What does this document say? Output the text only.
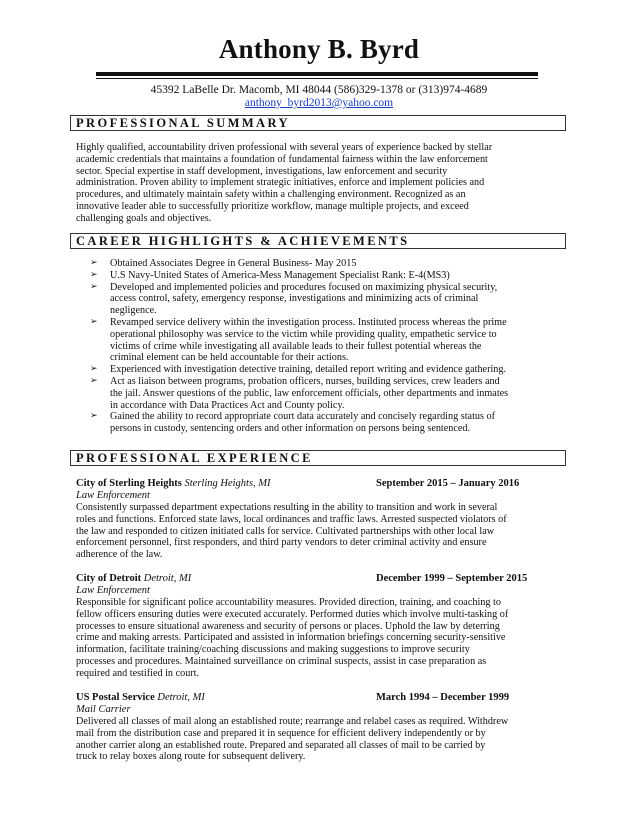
Anthony B. Byrd
45392 LaBelle Dr. Macomb, MI 48044 (586)329-1378 or (313)974-4689
anthony_byrd2013@yahoo.com
PROFESSIONAL SUMMARY
Highly qualified, accountability driven professional with several years of experience backed by stellar
academic credentials that maintains a foundation of fundamental fairness within the law enforcement
sector. Special expertise in staff development, investigations, law enforcement and security
administration. Proven ability to implement strategic initiatives, enforce and implement policies and
procedures, and ultimately maintain safety within a challenging environment. Recognized as an
innovative leader able to successfully prioritize workflow, manage multiple projects, and exceed
challenging goals and objectives.
CAREER HIGHLIGHTS & ACHIEVEMENTS
➢ Obtained Associates Degree in General Business- May 2015
➢ U.S Navy-United States of America-Mess Management Specialist Rank: E-4(MS3)
➢ Developed and implemented policies and procedures focused on maximizing physical security,
access control, safety, emergency response, investigations and minimizing acts of criminal
negligence.
➢ Revamped service delivery within the investigation process. Instituted process whereas the prime
operational philosophy was service to the victim while providing quality, empathetic service to
victims of crime while investigating all available leads to their fullest potential whereas the
criminal element can be held accountable for their actions.
➢ Experienced with investigation detective training, detailed report writing and evidence gathering.
➢ Act as liaison between programs, probation officers, nurses, building services, crew leaders and
the jail. Answer questions of the public, law enforcement officials, other departments and inmates
in accordance with Data Practices Act and County policy.
➢ Gained the ability to record appropriate court data accurately and concisely regarding status of
persons in custody, sentencing orders and other information on persons being sentenced.
PROFESSIONAL EXPERIENCE
City of Sterling Heights Sterling Heights, MI	September 2015 – January 2016
Law Enforcement
Consistently surpassed department expectations resulting in the ability to transition and work in several
roles and functions. Enforced state laws, local ordinances and traffic laws. Arrested suspected violators of
the law and responded to citizen initiated calls for service. Cultivated partnerships with other local law
enforcement personnel, first responders, and third party vendors to deter criminal activity and ensure
adherence of the law.
City of Detroit Detroit, MI	December 1999 – September 2015
Law Enforcement
Responsible for significant police accountability measures. Provided direction, training, and coaching to
fellow officers ensuring duties were executed accurately. Performed duties which involve multi-tasking of
processes to ensure situational awareness and security of persons or places. Uphold the law by deterring
crime and making arrests. Participated and assisted in information briefings concerning security-sensitive
information, facilitate training/coaching discussions and making suggestions to improve security
processes and procedures. Maintained surveillance on criminal suspects, assist in case preparation as
required and testified in court.
US Postal Service Detroit, MI	March 1994 – December 1999
Mail Carrier
Delivered all classes of mail along an established route; rearrange and relabel cases as required. Withdrew
mail from the distribution case and prepared it in sequence for efficient delivery independently or by
another carrier along an established route. Prepared and separated all classes of mail to be carried by
truck to relay boxes along route for subsequent delivery.
